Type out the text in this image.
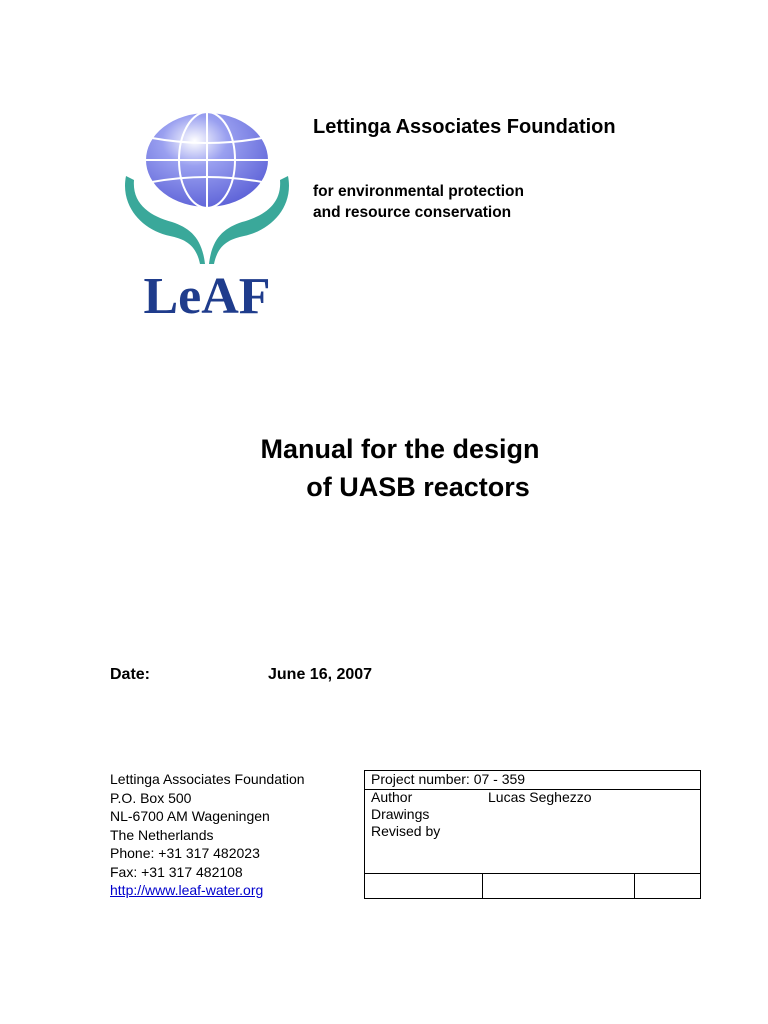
LeAF
Lettinga Associates Foundation
for environmental protection
and resource conservation
Manual for the design
of UASB reactors
Date:	June 16, 2007
Lettinga Associates Foundation
P.O. Box 500
NL-6700 AM Wageningen
The Netherlands
Phone: +31 317 482023
Fax: +31 317 482108
http://www.leaf-water.org
Project number: 07 - 359
Author	Lucas Seghezzo
Drawings
Revised by
